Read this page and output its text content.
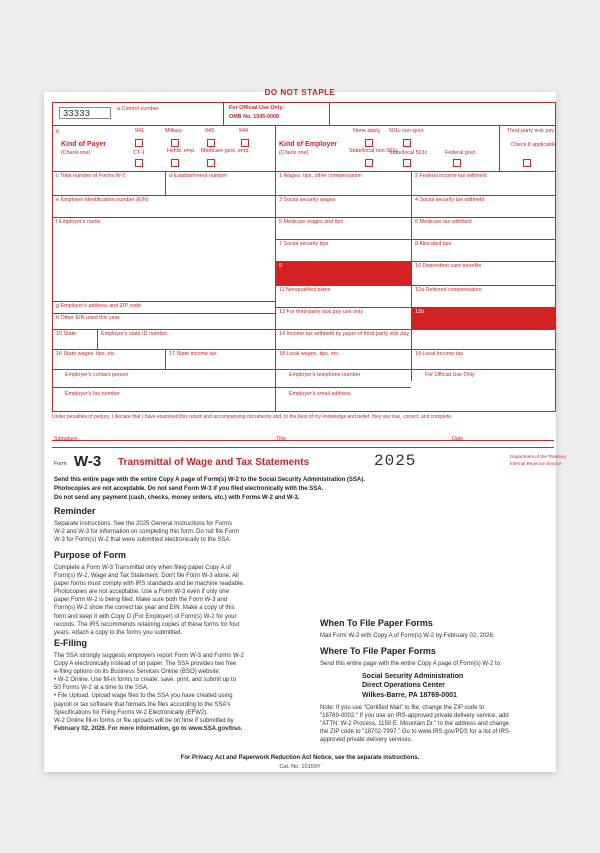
DO NOT STAPLE
33333	a Control number	For Official Use Only:
OMB No. 1545-0008
b
Kind of Payer
(Check one)
941	Military	943	944
CT-1	Hshld. emp. Medicare govt. emp.
Kind of Employer
(Check one)
None apply 501c non-govt.
State/local non-501c
State/local 501c	Federal govt.
Third-party sick pay
Check if applicable
c Total number of Forms W-2	d Establishment number	1 Wages, tips, other compensation	2 Federal income tax withheld
e Employer identification number (EIN)	3 Social security wages	4 Social security tax withheld
f Employer's name	5 Medicare wages and tips	6 Medicare tax withheld
7 Social security tips	8 Allocated tips
9	10 Dependent care benefits
11 Nonqualified plans	12a Deferred compensation
g Employer's address and ZIP code
h Other EIN used this year
13 For third-party sick pay use only	12b
15 State	Employer's state ID number	14 Income tax withheld by payer of third-party sick pay
16 State wages, tips, etc.	17 State income tax	18 Local wages, tips, etc.	19 Local income tax
Employer's contact person	Employer's telephone number	For Official Use Only
Employer's fax number	Employer's email address
Under penalties of perjury, I declare that I have examined this return and accompanying documents and, to the best of my knowledge and belief, they are true, correct, and complete.
Signature	Title	Date
Form W-3 Transmittal of Wage and Tax Statements	2025	Department of the Treasury
Internal Revenue Service
Send this entire page with the entire Copy A page of Form(s) W-2 to the Social Security Administration (SSA).
Photocopies are not acceptable. Do not send Form W-3 if you filed electronically with the SSA.
Do not send any payment (cash, checks, money orders, etc.) with Forms W-2 and W-3.
Reminder
Separate instructions. See the 2025 General Instructions for Forms
W-2 and W-3 for information on completing this form. Do not file Form
W-3 for Form(s) W-2 that were submitted electronically to the SSA.
Purpose of Form
Complete a Form W-3 Transmittal only when filing paper Copy A of
Form(s) W-2, Wage and Tax Statement. Don't file Form W-3 alone. All
paper forms must comply with IRS standards and be machine readable.
Photocopies are not acceptable. Use a Form W-3 even if only one
paper Form W-2 is being filed. Make sure both the Form W-3 and
Form(s) W-2 show the correct tax year and EIN. Make a copy of this
form and keep it with Copy D (For Employer) of Form(s) W-2 for your
records. The IRS recommends retaining copies of these forms for four
years. Attach a copy to the forms you submitted.
E-Filing
The SSA strongly suggests employers report Form W-3 and Forms W-2
Copy A electronically instead of on paper. The SSA provides two free
e-filing options on its Business Services Online (BSO) website:
• W-2 Online. Use fill-in forms to create, save, print, and submit up to
50 Forms W-2 at a time to the SSA.
• File Upload. Upload wage files to the SSA you have created using
payroll or tax software that formats the files according to the SSA's
Specifications for Filing Forms W-2 Electronically (EFW2).
W-2 Online fill-in forms or file uploads will be on time if submitted by
February 02, 2026. For more information, go to www.SSA.gov/bso.
When To File Paper Forms
Mail Form W-3 with Copy A of Form(s) W-2 by February 02, 2026.
Where To File Paper Forms
Send this entire page with the entire Copy A page of Form(s) W-2 to:
Social Security Administration
Direct Operations Center
Wilkes-Barre, PA 18769-0001
Note: If you use "Certified Mail" to file, change the ZIP code to
"18769-0002." If you use an IRS-approved private delivery service, add
"ATTN: W-2 Process, 1150 E. Mountain Dr." to the address and change
the ZIP code to "18702-7997." Go to www.IRS.gov/PDS for a list of IRS-
approved private delivery services.
For Privacy Act and Paperwork Reduction Act Notice, see the separate instructions.
Cat. No. 10159Y
